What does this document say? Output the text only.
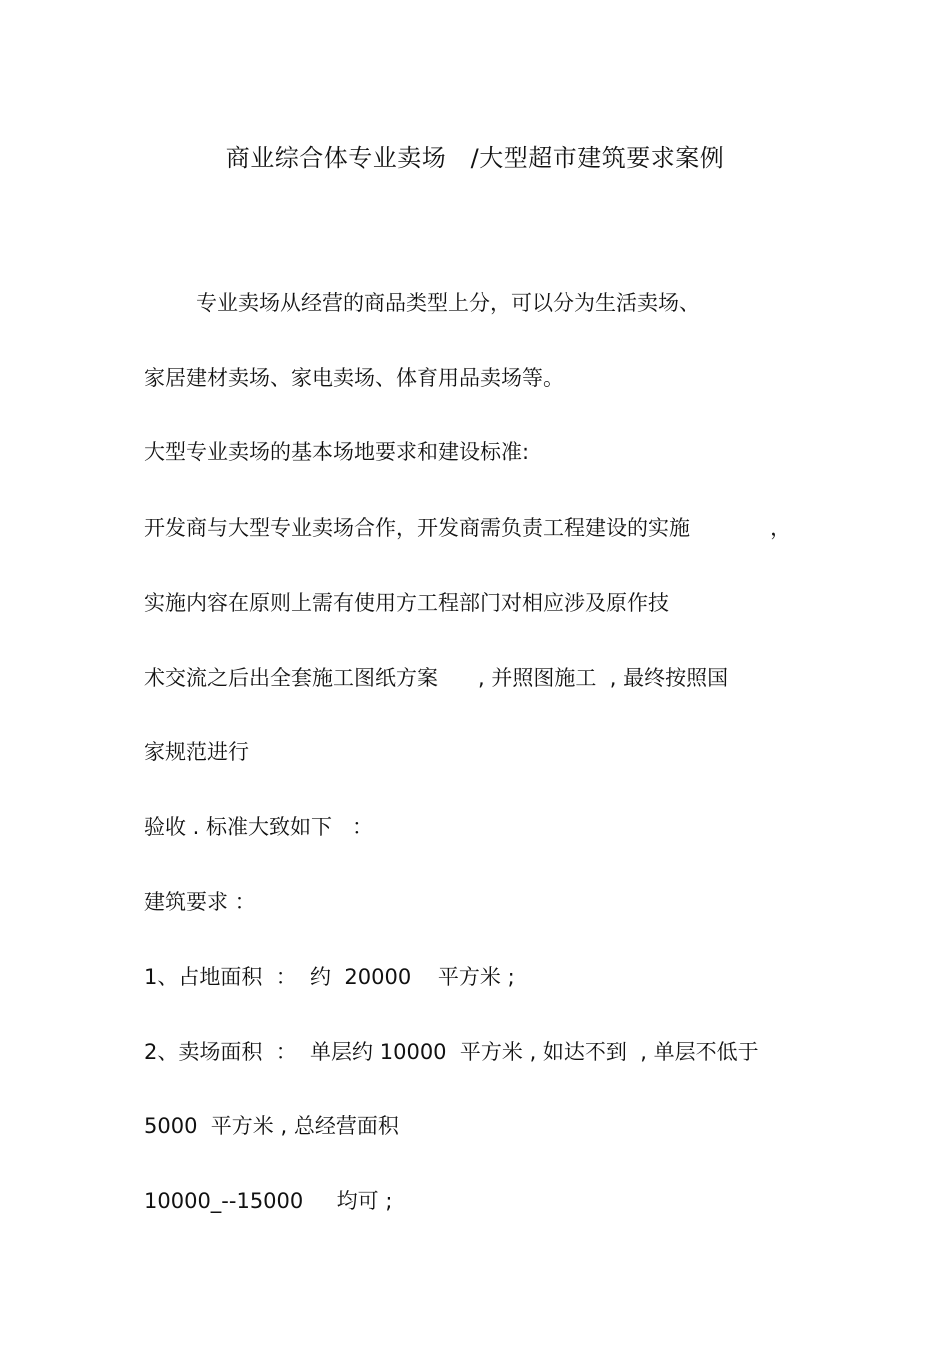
商业综合体专业卖场   /大型超市建筑要求案例
专业卖场从经营的商品类型上分，可以分为生活卖场、
家居建材卖场、家电卖场、体育用品卖场等。
大型专业卖场的基本场地要求和建设标准:
开发商与大型专业卖场合作，开发商需负责工程建设的实施            ，
实施内容在原则上需有使用方工程部门对相应涉及原作技
术交流之后出全套施工图纸方案      , 并照图施工  , 最终按照国
家规范进行
验收 . 标准大致如下   ：
建筑要求 ：
1、占地面积  ：  约  20000    平方米 ;
2、卖场面积  ：  单层约 10000  平方米 , 如达不到  , 单层不低于
5000  平方米 , 总经营面积
10000_--15000     均可 ;
